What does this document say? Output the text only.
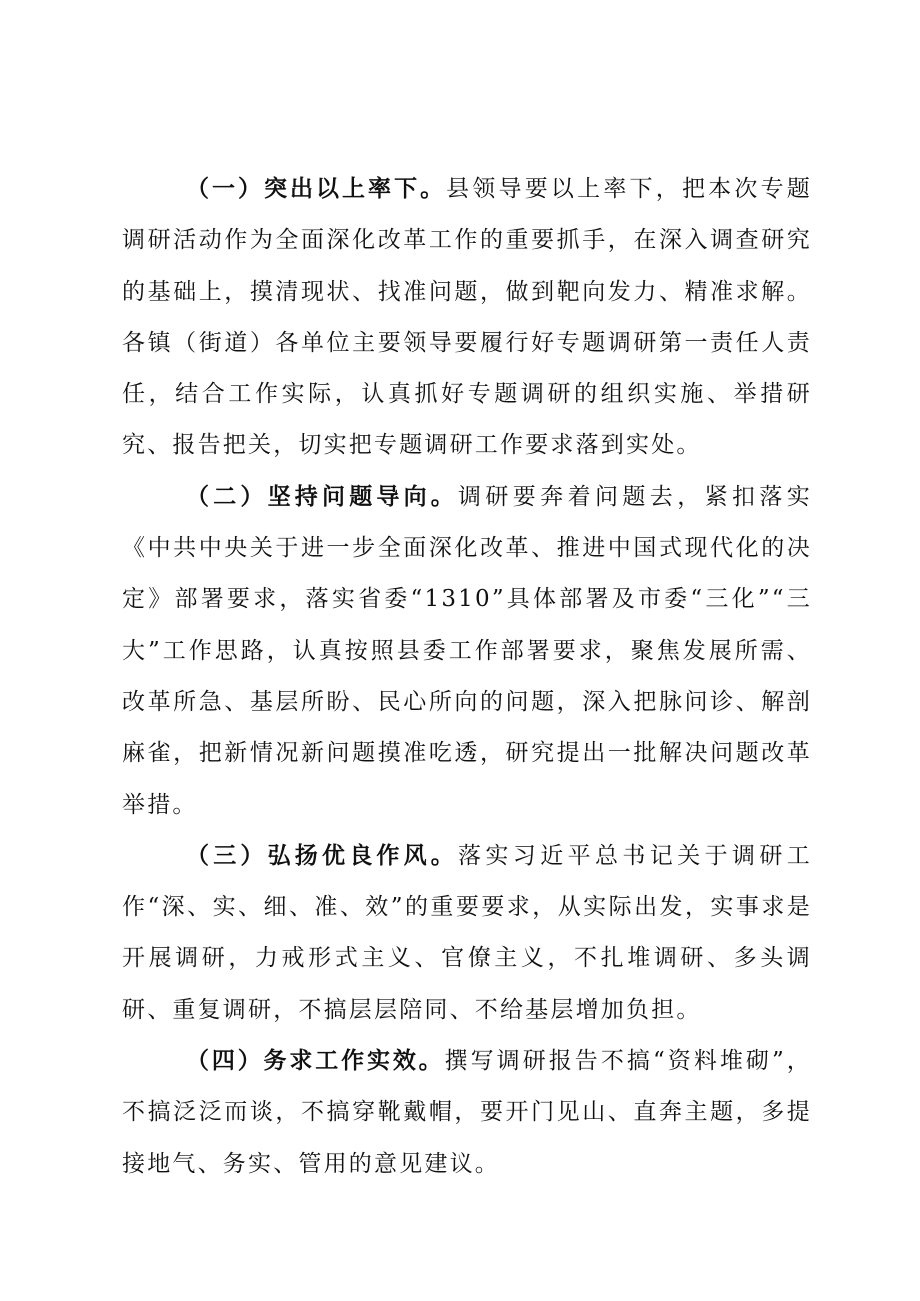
（一）突出以上率下。县领导要以上率下，把本次专题调研活动作为全面深化改革工作的重要抓手，在深入调查研究的基础上，摸清现状、找准问题，做到靶向发力、精准求解。各镇（街道）各单位主要领导要履行好专题调研第一责任人责任，结合工作实际，认真抓好专题调研的组织实施、举措研究、报告把关，切实把专题调研工作要求落到实处。

（二）坚持问题导向。调研要奔着问题去，紧扣落实《中共中央关于进一步全面深化改革、推进中国式现代化的决定》部署要求，落实省委“1310”具体部署及市委“三化”“三大”工作思路，认真按照县委工作部署要求，聚焦发展所需、改革所急、基层所盼、民心所向的问题，深入把脉问诊、解剖麻雀，把新情况新问题摸准吃透，研究提出一批解决问题改革举措。

（三）弘扬优良作风。落实习近平总书记关于调研工作“深、实、细、准、效”的重要要求，从实际出发，实事求是开展调研，力戒形式主义、官僚主义，不扎堆调研、多头调研、重复调研，不搞层层陪同、不给基层增加负担。

（四）务求工作实效。撰写调研报告不搞“资料堆砌”，不搞泛泛而谈，不搞穿靴戴帽，要开门见山、直奔主题，多提接地气、务实、管用的意见建议。
